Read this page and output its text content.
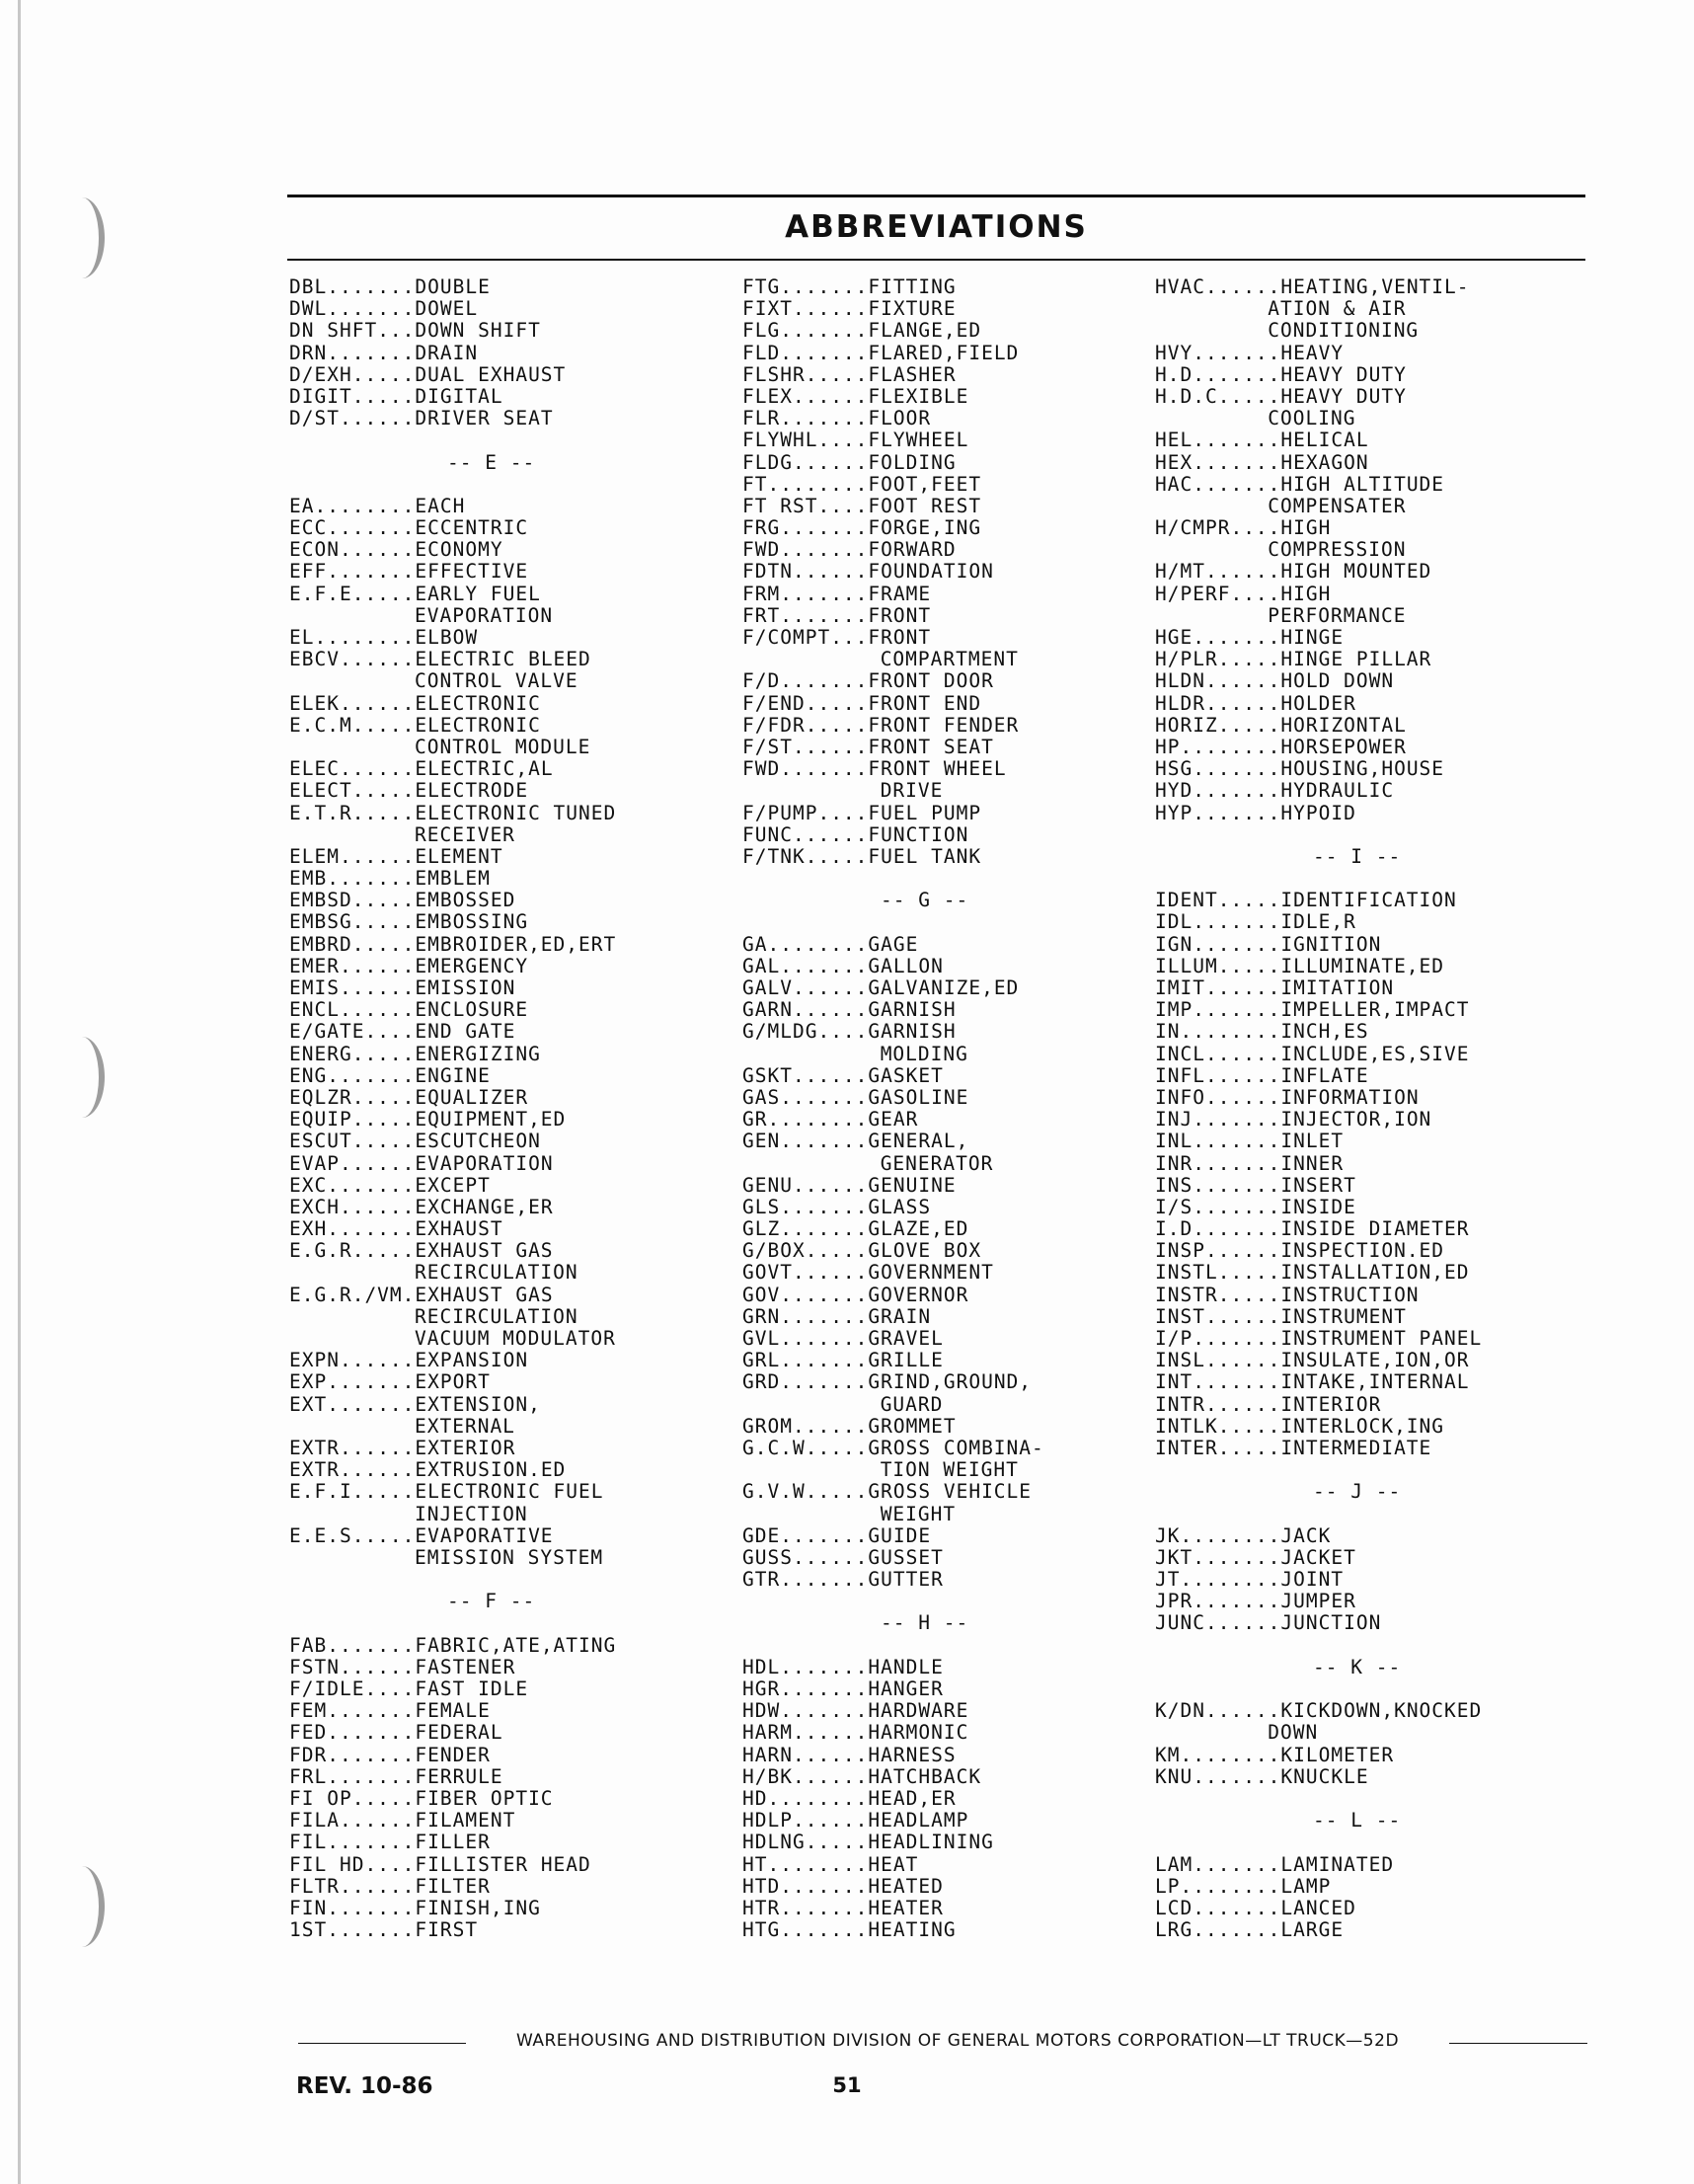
ABBREVIATIONS
DBL.......DOUBLE
DWL.......DOWEL
DN SHFT...DOWN SHIFT
DRN.......DRAIN
D/EXH.....DUAL EXHAUST
DIGIT.....DIGITAL
D/ST......DRIVER SEAT
-- E --
EA........EACH
ECC.......ECCENTRIC
ECON......ECONOMY
EFF.......EFFECTIVE
E.F.E.....EARLY FUEL
EVAPORATION
EL........ELBOW
EBCV......ELECTRIC BLEED
CONTROL VALVE
ELEK......ELECTRONIC
E.C.M.....ELECTRONIC
CONTROL MODULE
ELEC......ELECTRIC,AL
ELECT.....ELECTRODE
E.T.R.....ELECTRONIC TUNED
RECEIVER
ELEM......ELEMENT
EMB.......EMBLEM
EMBSD.....EMBOSSED
EMBSG.....EMBOSSING
EMBRD.....EMBROIDER,ED,ERT
EMER......EMERGENCY
EMIS......EMISSION
ENCL......ENCLOSURE
E/GATE....END GATE
ENERG.....ENERGIZING
ENG.......ENGINE
EQLZR.....EQUALIZER
EQUIP.....EQUIPMENT,ED
ESCUT.....ESCUTCHEON
EVAP......EVAPORATION
EXC.......EXCEPT
EXCH......EXCHANGE,ER
EXH.......EXHAUST
E.G.R.....EXHAUST GAS
RECIRCULATION
E.G.R./VM.EXHAUST GAS
RECIRCULATION
VACUUM MODULATOR
EXPN......EXPANSION
EXP.......EXPORT
EXT.......EXTENSION,
EXTERNAL
EXTR......EXTERIOR
EXTR......EXTRUSION.ED
E.F.I.....ELECTRONIC FUEL
INJECTION
E.E.S.....EVAPORATIVE
EMISSION SYSTEM
-- F --
FAB.......FABRIC,ATE,ATING
FSTN......FASTENER
F/IDLE....FAST IDLE
FEM.......FEMALE
FED.......FEDERAL
FDR.......FENDER
FRL.......FERRULE
FI OP.....FIBER OPTIC
FILA......FILAMENT
FIL.......FILLER
FIL HD....FILLISTER HEAD
FLTR......FILTER
FIN.......FINISH,ING
1ST.......FIRST
FTG.......FITTING
FIXT......FIXTURE
FLG.......FLANGE,ED
FLD.......FLARED,FIELD
FLSHR.....FLASHER
FLEX......FLEXIBLE
FLR.......FLOOR
FLYWHL....FLYWHEEL
FLDG......FOLDING
FT........FOOT,FEET
FT RST....FOOT REST
FRG.......FORGE,ING
FWD.......FORWARD
FDTN......FOUNDATION
FRM.......FRAME
FRT.......FRONT
F/COMPT...FRONT
COMPARTMENT
F/D.......FRONT DOOR
F/END.....FRONT END
F/FDR.....FRONT FENDER
F/ST......FRONT SEAT
FWD.......FRONT WHEEL
DRIVE
F/PUMP....FUEL PUMP
FUNC......FUNCTION
F/TNK.....FUEL TANK
-- G --
GA........GAGE
GAL.......GALLON
GALV......GALVANIZE,ED
GARN......GARNISH
G/MLDG....GARNISH
MOLDING
GSKT......GASKET
GAS.......GASOLINE
GR........GEAR
GEN.......GENERAL,
GENERATOR
GENU......GENUINE
GLS.......GLASS
GLZ.......GLAZE,ED
G/BOX.....GLOVE BOX
GOVT......GOVERNMENT
GOV.......GOVERNOR
GRN.......GRAIN
GVL.......GRAVEL
GRL.......GRILLE
GRD.......GRIND,GROUND,
GUARD
GROM......GROMMET
G.C.W.....GROSS COMBINA-
TION WEIGHT
G.V.W.....GROSS VEHICLE
WEIGHT
GDE.......GUIDE
GUSS......GUSSET
GTR.......GUTTER
-- H --
HDL.......HANDLE
HGR.......HANGER
HDW.......HARDWARE
HARM......HARMONIC
HARN......HARNESS
H/BK......HATCHBACK
HD........HEAD,ER
HDLP......HEADLAMP
HDLNG.....HEADLINING
HT........HEAT
HTD.......HEATED
HTR.......HEATER
HTG.......HEATING
HVAC......HEATING,VENTIL-
ATION & AIR
CONDITIONING
HVY.......HEAVY
H.D.......HEAVY DUTY
H.D.C.....HEAVY DUTY
COOLING
HEL.......HELICAL
HEX.......HEXAGON
HAC.......HIGH ALTITUDE
COMPENSATER
H/CMPR....HIGH
COMPRESSION
H/MT......HIGH MOUNTED
H/PERF....HIGH
PERFORMANCE
HGE.......HINGE
H/PLR.....HINGE PILLAR
HLDN......HOLD DOWN
HLDR......HOLDER
HORIZ.....HORIZONTAL
HP........HORSEPOWER
HSG.......HOUSING,HOUSE
HYD.......HYDRAULIC
HYP.......HYPOID
-- I --
IDENT.....IDENTIFICATION
IDL.......IDLE,R
IGN.......IGNITION
ILLUM.....ILLUMINATE,ED
IMIT......IMITATION
IMP.......IMPELLER,IMPACT
IN........INCH,ES
INCL......INCLUDE,ES,SIVE
INFL......INFLATE
INFO......INFORMATION
INJ.......INJECTOR,ION
INL.......INLET
INR.......INNER
INS.......INSERT
I/S.......INSIDE
I.D.......INSIDE DIAMETER
INSP......INSPECTION.ED
INSTL.....INSTALLATION,ED
INSTR.....INSTRUCTION
INST......INSTRUMENT
I/P.......INSTRUMENT PANEL
INSL......INSULATE,ION,OR
INT.......INTAKE,INTERNAL
INTR......INTERIOR
INTLK.....INTERLOCK,ING
INTER.....INTERMEDIATE
-- J --
JK........JACK
JKT.......JACKET
JT........JOINT
JPR.......JUMPER
JUNC......JUNCTION
-- K --
K/DN......KICKDOWN,KNOCKED
DOWN
KM........KILOMETER
KNU.......KNUCKLE
-- L --
LAM.......LAMINATED
LP........LAMP
LCD.......LANCED
LRG.......LARGE
WAREHOUSING AND DISTRIBUTION DIVISION OF GENERAL MOTORS CORPORATION—LT TRUCK—52D
REV. 10-86	51
